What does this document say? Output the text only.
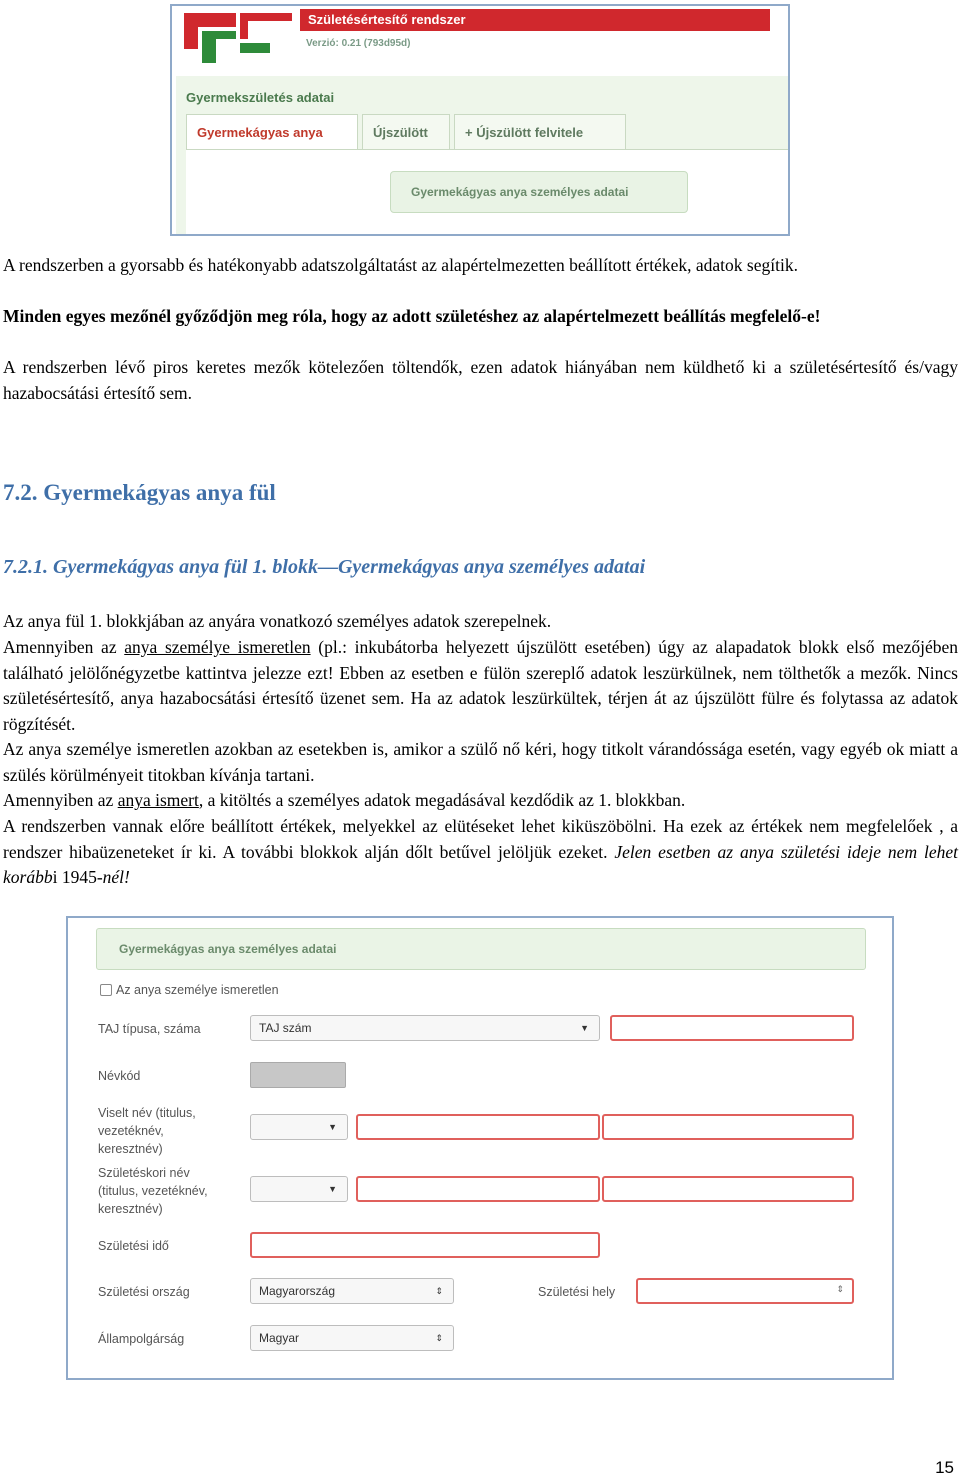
Születésértesítő rendszer
Verzió: 0.21 (793d95d)
Gyermekszületés adatai
Gyermekágyas anya	Újszülött	+ Újszülött felvitele
Gyermekágyas anya személyes adatai
A rendszerben a gyorsabb és hatékonyabb adatszolgáltatást az alapértelmezetten beállított értékek, adatok segítik.
Minden egyes mezőnél győződjön meg róla, hogy az adott születéshez az alapértelmezett beállítás megfelelő-e!
A rendszerben lévő piros keretes mezők kötelezően töltendők, ezen adatok hiányában nem küldhető ki a születésértesítő és/vagy hazabocsátási értesítő sem.
7.2. Gyermekágyas anya fül
7.2.1. Gyermekágyas anya fül 1. blokk—Gyermekágyas anya személyes adatai
Az anya fül 1. blokkjában az anyára vonatkozó személyes adatok szerepelnek.
Amennyiben az anya személye ismeretlen (pl.: inkubátorba helyezett újszülött esetében) úgy az alapadatok blokk első mezőjében található jelölőnégyzetbe kattintva jelezze ezt! Ebben az esetben e fülön szereplő adatok leszürkülnek, nem tölthetők a mezők. Nincs születésértesítő, anya hazabocsátási értesítő üzenet sem. Ha az adatok leszürkültek, térjen át az újszülött fülre és folytassa az adatok rögzítését.
Az anya személye ismeretlen azokban az esetekben is, amikor a szülő nő kéri, hogy titkolt várandóssága esetén, vagy egyéb ok miatt a szülés körülményeit titokban kívánja tartani.
Amennyiben az anya ismert, a kitöltés a személyes adatok megadásával kezdődik az 1. blokkban.
A rendszerben vannak előre beállított értékek, melyekkel az elütéseket lehet kiküszöbölni. Ha ezek az értékek nem megfelelőek , a rendszer hibaüzeneteket ír ki. A további blokkok alján dőlt betűvel jelöljük ezeket. Jelen esetben az anya születési ideje nem lehet korábbi 1945-nél!
Gyermekágyas anya személyes adatai
Az anya személye ismeretlen
TAJ típusa, száma	TAJ szám	▼
Névkód
Viselt név (titulus,
vezetéknév,
keresztnév)
▼
Születéskori név
(titulus, vezetéknév,
keresztnév)
▼
Születési idő
Születési ország	Magyarország	⇕	Születési hely	⇕
Állampolgárság	Magyar	⇕
15
